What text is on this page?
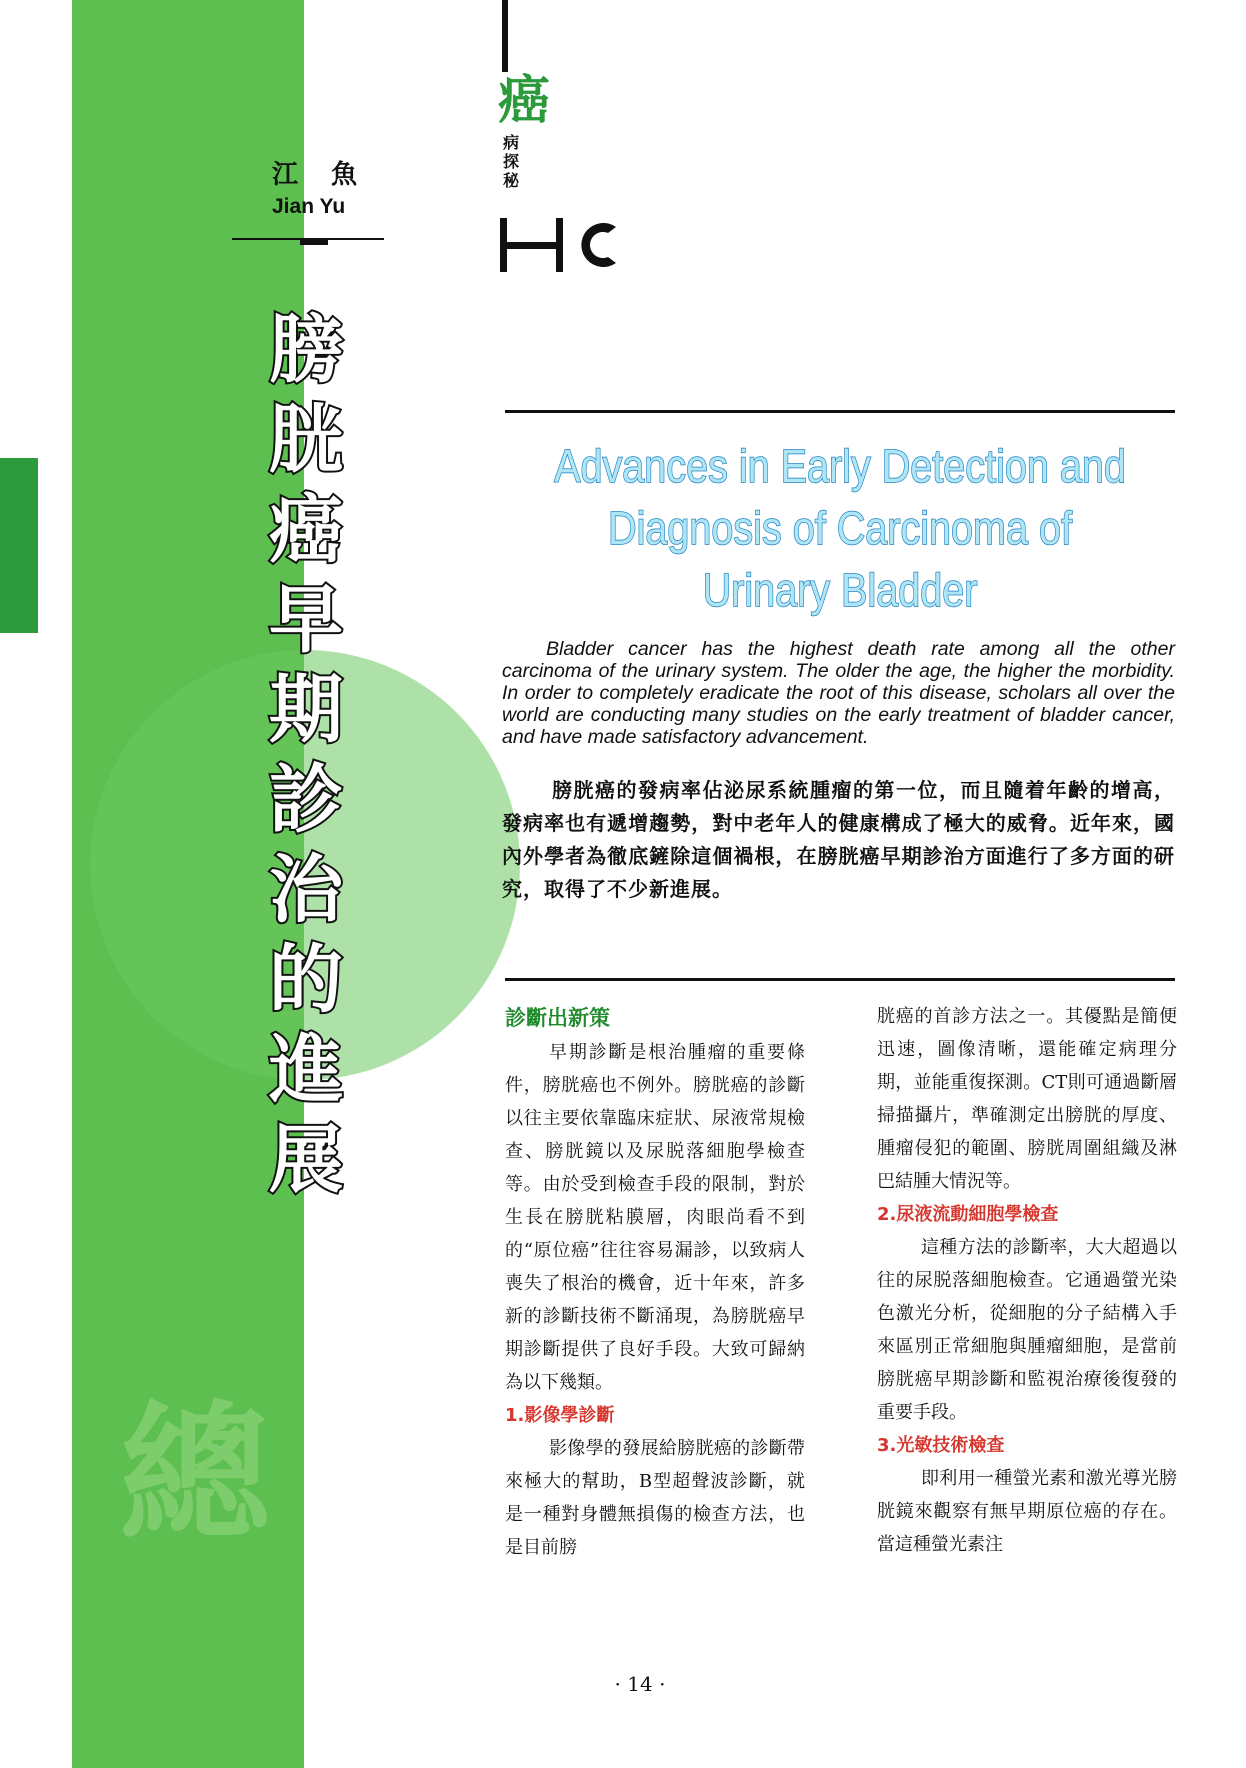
總
江 魚
Jian Yu
膀
胱
癌
早
期
診
治
的
進
展
癌
病
探
秘
Advances in Early Detection and
Diagnosis of Carcinoma of
Urinary Bladder
Bladder cancer has the highest death rate among all the other carcinoma of the urinary system. The older the age, the higher the morbidity. In order to completely eradicate the root of this disease, scholars all over the world are conducting many studies on the early treatment of bladder cancer, and have made satisfactory advancement.
膀胱癌的發病率佔泌尿系統腫瘤的第一位，而且隨着年齡的增高，發病率也有遞增趨勢，對中老年人的健康構成了極大的威脅。近年來，國內外學者為徹底鏟除這個禍根，在膀胱癌早期診治方面進行了多方面的研究，取得了不少新進展。
診斷出新策

早期診斷是根治腫瘤的重要條件，膀胱癌也不例外。膀胱癌的診斷以往主要依靠臨床症狀、尿液常規檢查、膀胱鏡以及尿脱落細胞學檢查等。由於受到檢查手段的限制，對於生長在膀胱粘膜層，肉眼尚看不到的“原位癌”往往容易漏診，以致病人喪失了根治的機會，近十年來，許多新的診斷技術不斷涌現，為膀胱癌早期診斷提供了良好手段。大致可歸納為以下幾類。

1.影像學診斷

影像學的發展給膀胱癌的診斷帶來極大的幫助，B型超聲波診斷，就是一種對身體無損傷的檢查方法，也是目前膀

胱癌的首診方法之一。其優點是簡便迅速，圖像清晰，還能確定病理分期，並能重復探測。CT則可通過斷層掃描攝片，準確測定出膀胱的厚度、腫瘤侵犯的範圍、膀胱周圍組織及淋巴結腫大情況等。

2.尿液流動細胞學檢查

這種方法的診斷率，大大超過以往的尿脱落細胞檢查。它通過螢光染色激光分析，從細胞的分子結構入手來區別正常細胞與腫瘤細胞，是當前膀胱癌早期診斷和監視治療後復發的重要手段。

3.光敏技術檢查

即利用一種螢光素和激光導光膀胱鏡來觀察有無早期原位癌的存在。當這種螢光素注

· 14 ·
